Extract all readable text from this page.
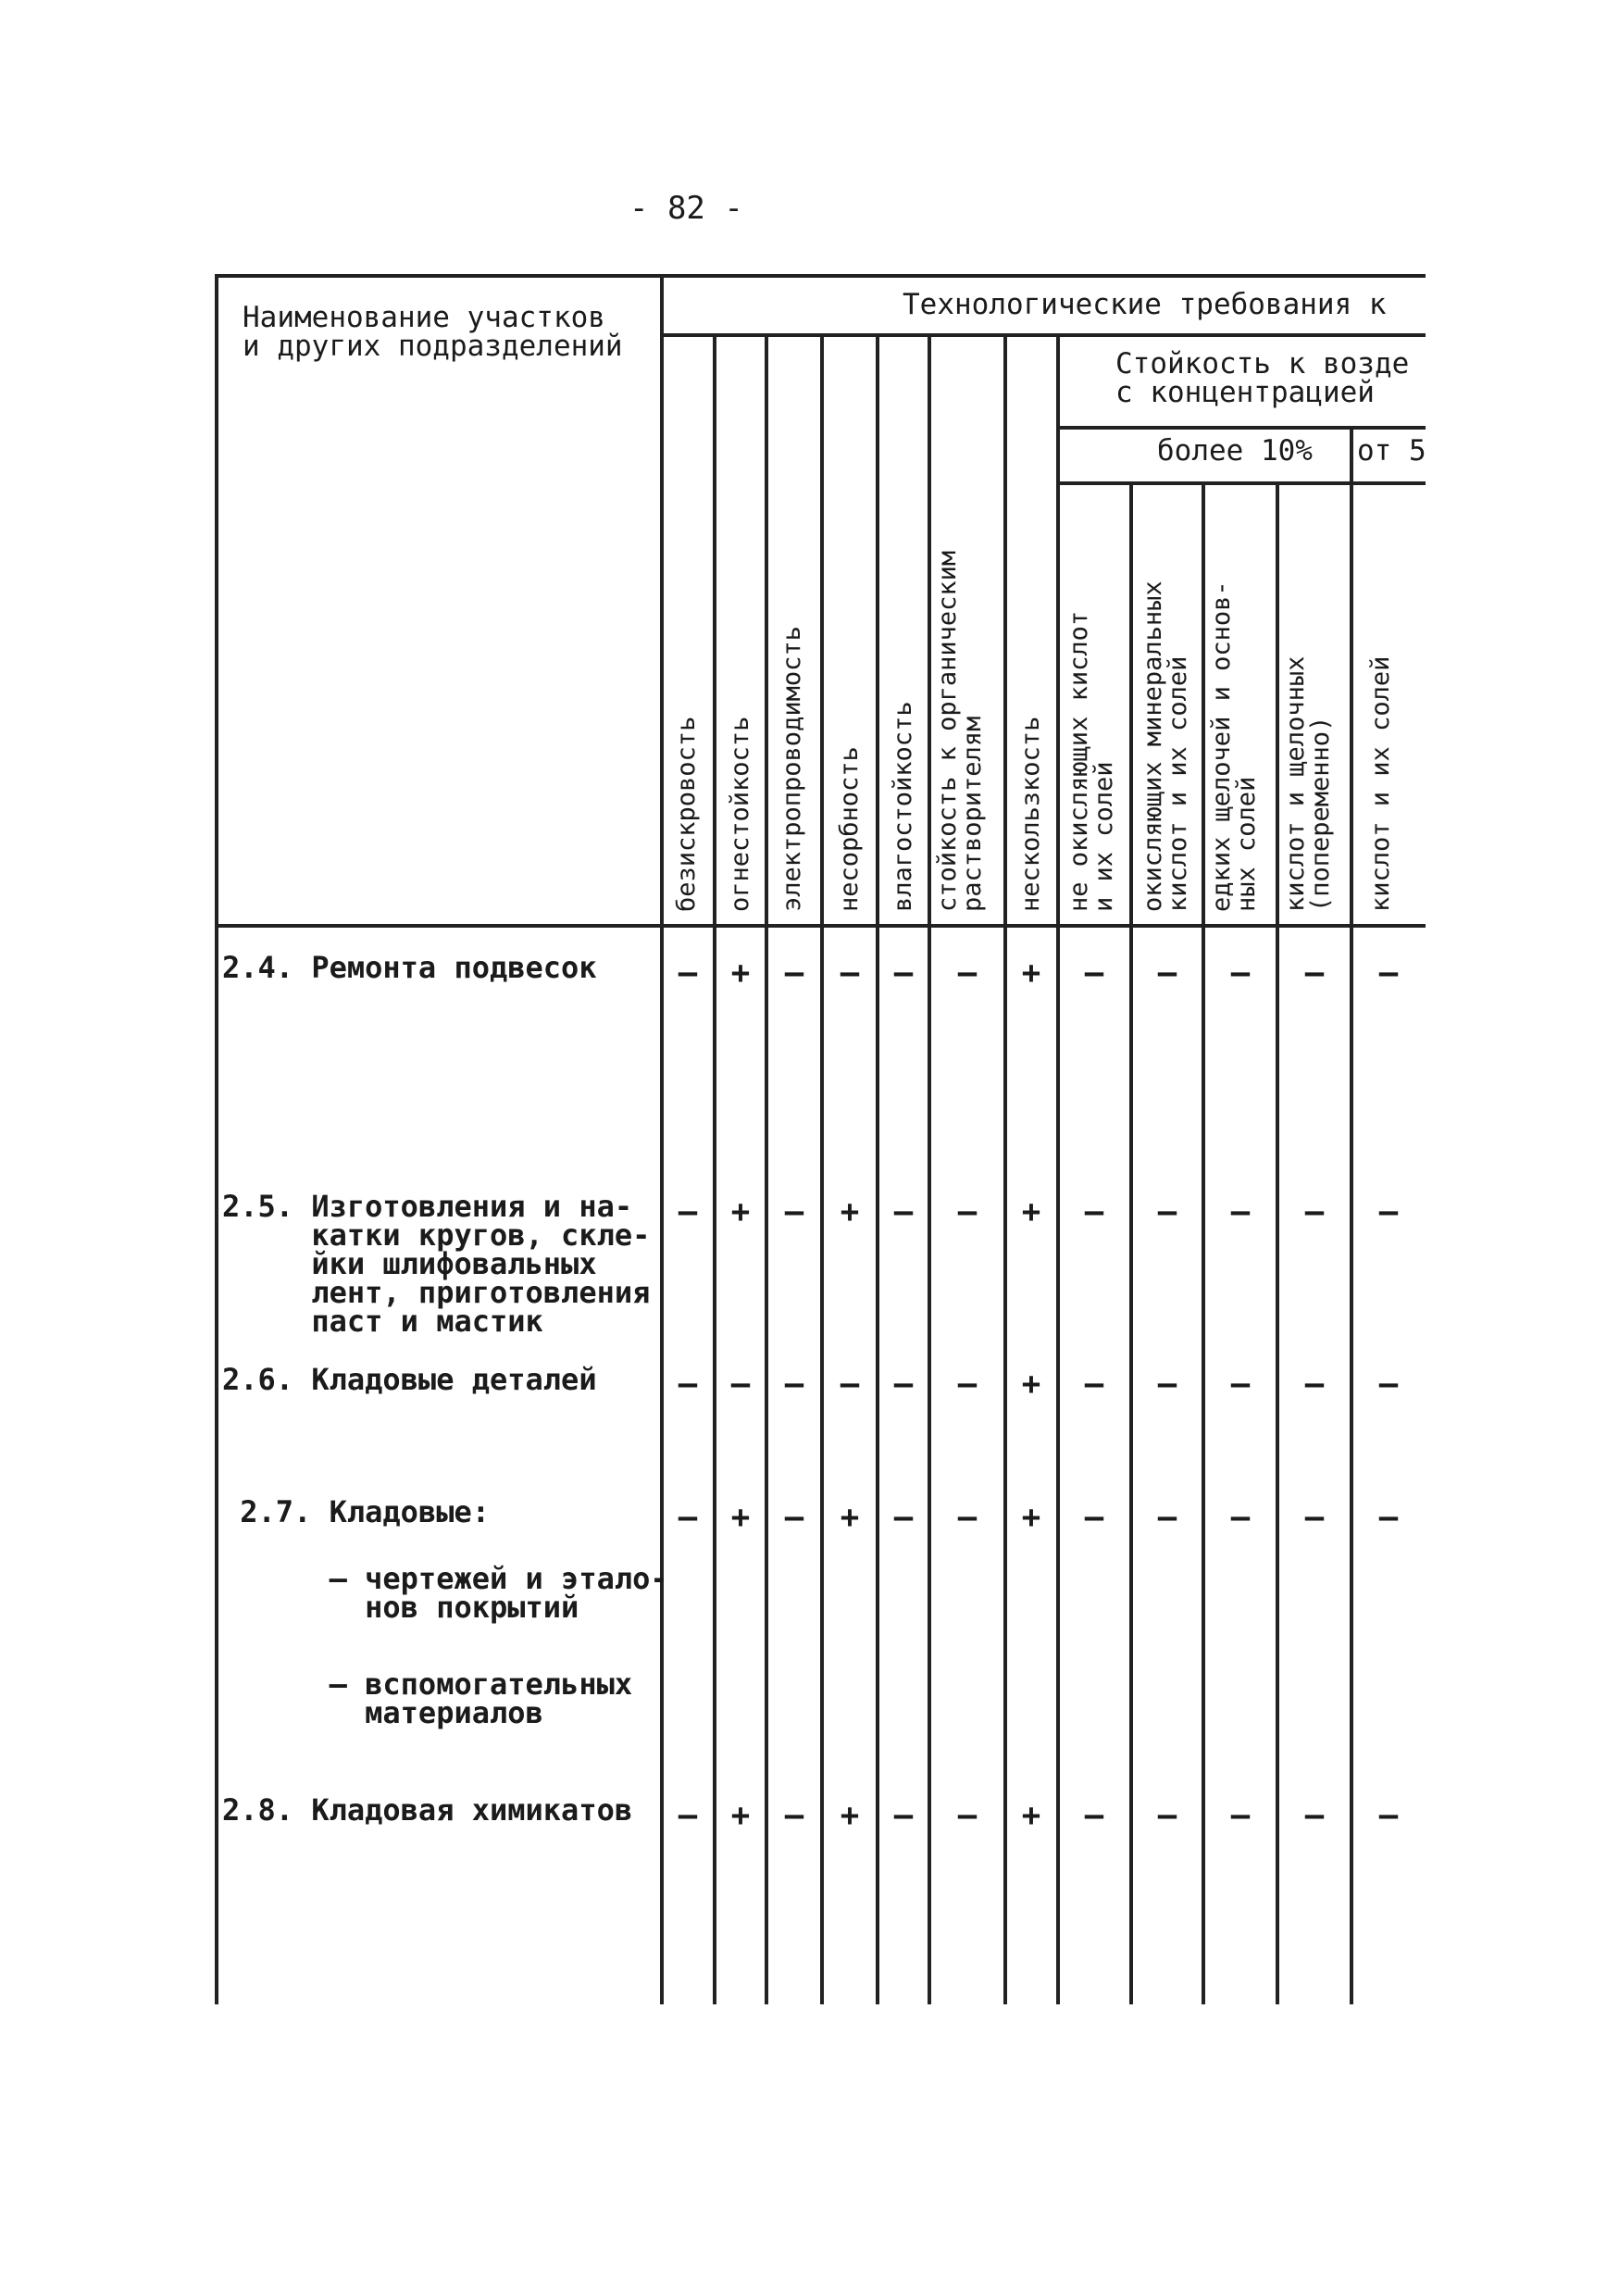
- 82 -
Наименование участков
и других подразделений
Технологические требования к
Стойкость к возде
с концентрацией
более 10% от 5
безискровость огнестойкость электропроводимость несорбность влагостойкость стойкость к органическим
растворителям нескользкость не окисляющих кислот
и их солей окисляющих минеральных
кислот и их солей
едких щелочей и основ-
ных солей
кислот и щелочных
(попеременно) кислот и их солей
2.4. Ремонта подвесок
2.5. Изготовления и на-
катки кругов, скле-
йки шлифовальных
лент, приготовления
паст и мастик
2.6. Кладовые деталей
2.7. Кладовые:
– чертежей и этало-
нов покрытий
– вспомогательных
материалов
2.8. Кладовая химикатов
– + – – – – + – – – – –
– + – + – – + – – – – –
– – – – – – + – – – – –
– + – + – – + – – – – –
– + – + – – + – – – – –
